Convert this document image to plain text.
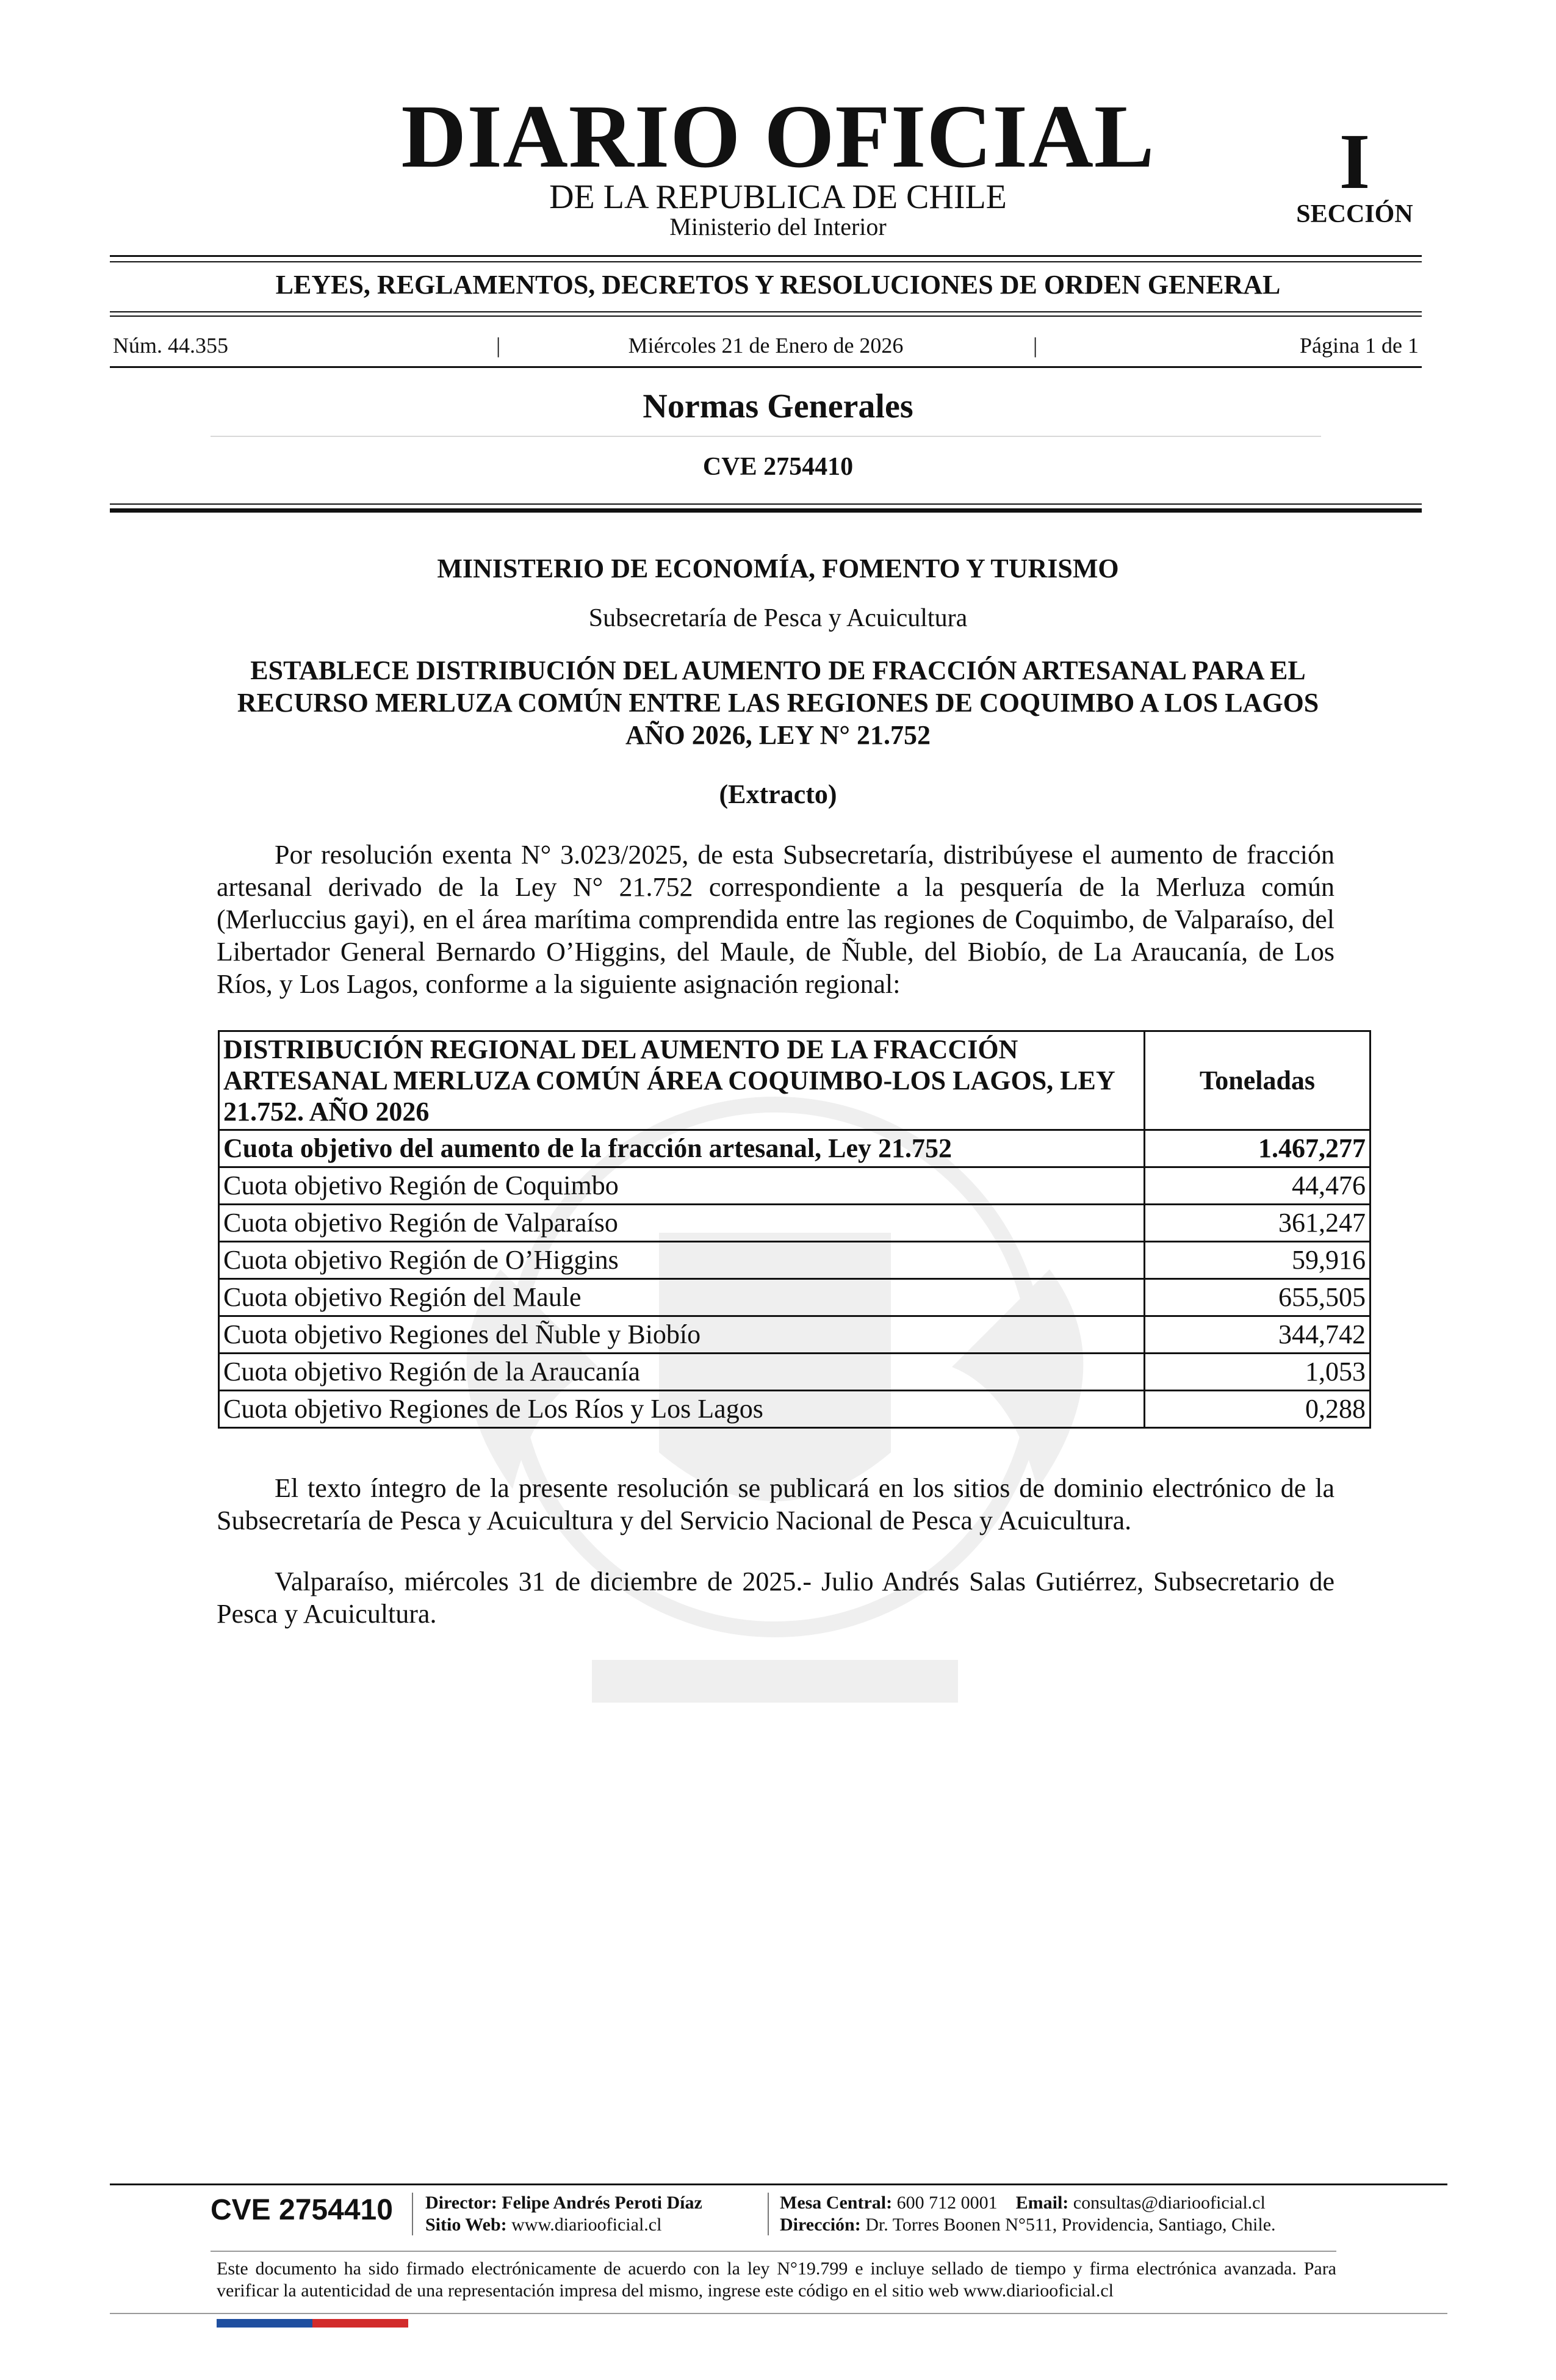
DIARIO OFICIAL
DE LA REPUBLICA DE CHILE
Ministerio del Interior
I
SECCIÓN
LEYES, REGLAMENTOS, DECRETOS Y RESOLUCIONES DE ORDEN GENERAL
Núm. 44.355	|	Miércoles 21 de Enero de 2026	|	Página 1 de 1
Normas Generales
CVE 2754410
MINISTERIO DE ECONOMÍA, FOMENTO Y TURISMO
Subsecretaría de Pesca y Acuicultura
ESTABLECE DISTRIBUCIÓN DEL AUMENTO DE FRACCIÓN ARTESANAL PARA EL RECURSO MERLUZA COMÚN ENTRE LAS REGIONES DE COQUIMBO A LOS LAGOS AÑO 2026, LEY N° 21.752
(Extracto)
Por resolución exenta N° 3.023/2025, de esta Subsecretaría, distribúyese el aumento de fracción artesanal derivado de la Ley N° 21.752 correspondiente a la pesquería de la Merluza común (Merluccius gayi), en el área marítima comprendida entre las regiones de Coquimbo, de Valparaíso, del Libertador General Bernardo O’Higgins, del Maule, de Ñuble, del Biobío, de La Araucanía, de Los Ríos, y Los Lagos, conforme a la siguiente asignación regional:
DISTRIBUCIÓN REGIONAL DEL AUMENTO DE LA FRACCIÓN ARTESANAL MERLUZA COMÚN ÁREA COQUIMBO-LOS LAGOS, LEY 21.752. AÑO 2026	Toneladas
Cuota objetivo del aumento de la fracción artesanal, Ley 21.752	1.467,277
Cuota objetivo Región de Coquimbo	44,476
Cuota objetivo Región de Valparaíso	361,247
Cuota objetivo Región de O’Higgins	59,916
Cuota objetivo Región del Maule	655,505
Cuota objetivo Regiones del Ñuble y Biobío	344,742
Cuota objetivo Región de la Araucanía	1,053
Cuota objetivo Regiones de Los Ríos y Los Lagos	0,288
El texto íntegro de la presente resolución se publicará en los sitios de dominio electrónico de la Subsecretaría de Pesca y Acuicultura y del Servicio Nacional de Pesca y Acuicultura.
Valparaíso, miércoles 31 de diciembre de 2025.- Julio Andrés Salas Gutiérrez, Subsecretario de Pesca y Acuicultura.
CVE 2754410 Director: Felipe Andrés Peroti Díaz
Sitio Web: www.diariooficial.cl
Mesa Central: 600 712 0001 Email: consultas@diariooficial.cl
Dirección: Dr. Torres Boonen N°511, Providencia, Santiago, Chile.
Este documento ha sido firmado electrónicamente de acuerdo con la ley N°19.799 e incluye sellado de tiempo y firma electrónica avanzada. Para verificar la autenticidad de una representación impresa del mismo, ingrese este código en el sitio web www.diariooficial.cl
